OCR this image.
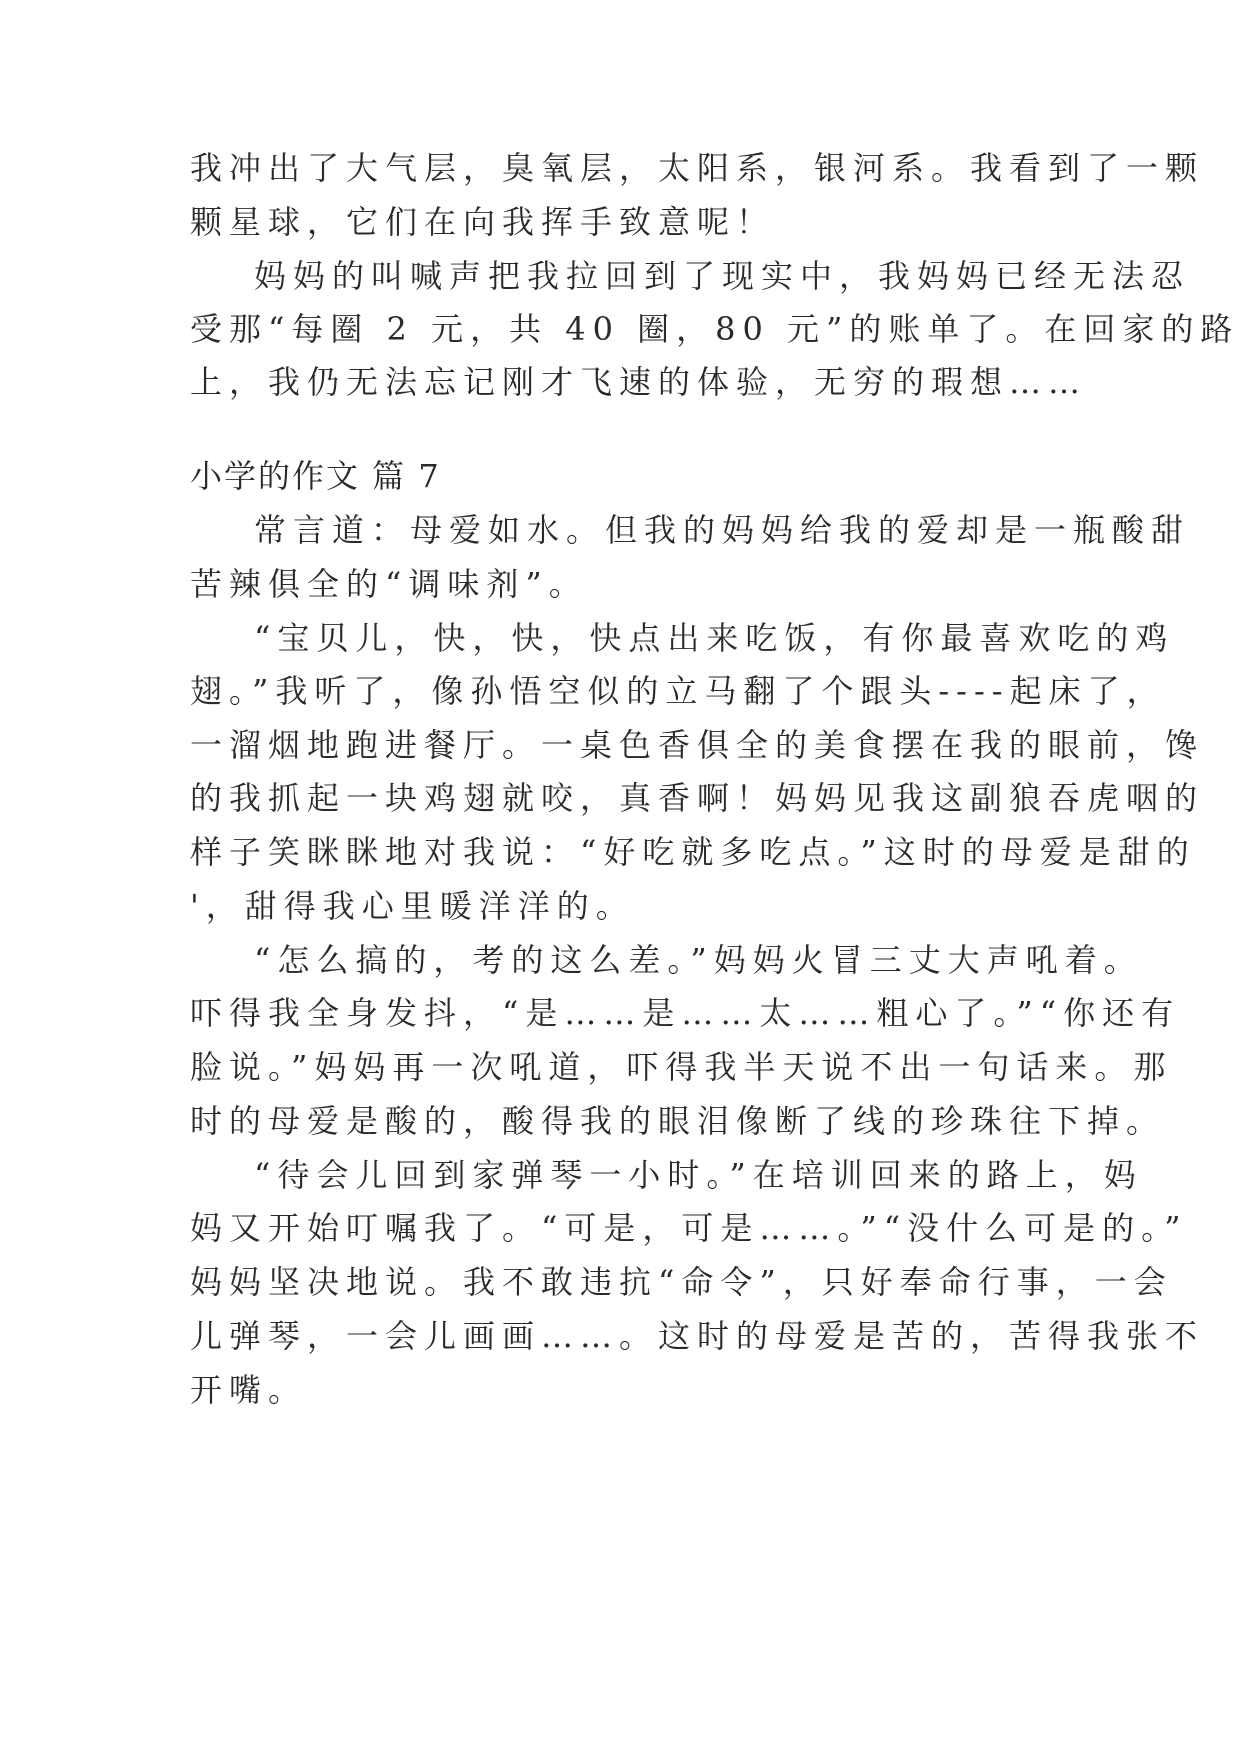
我冲出了大气层，臭氧层，太阳系，银河系。我看到了一颗
颗星球，它们在向我挥手致意呢！
妈妈的叫喊声把我拉回到了现实中，我妈妈已经无法忍
受那“每圈 2 元，共 40 圈，80 元”的账单了。在回家的路
上，我仍无法忘记刚才飞速的体验，无穷的瑕想……
小学的作文 篇 7
常言道：母爱如水。但我的妈妈给我的爱却是一瓶酸甜
苦辣俱全的“调味剂”。
“宝贝儿，快，快，快点出来吃饭，有你最喜欢吃的鸡
翅。”我听了，像孙悟空似的立马翻了个跟头----起床了，
一溜烟地跑进餐厅。一桌色香俱全的美食摆在我的眼前，馋
的我抓起一块鸡翅就咬，真香啊！妈妈见我这副狼吞虎咽的
样子笑眯眯地对我说：“好吃就多吃点。”这时的母爱是甜的
'，甜得我心里暖洋洋的。
“怎么搞的，考的这么差。”妈妈火冒三丈大声吼着。
吓得我全身发抖，“是……是……太……粗心了。”“你还有
脸说。”妈妈再一次吼道，吓得我半天说不出一句话来。那
时的母爱是酸的，酸得我的眼泪像断了线的珍珠往下掉。
“待会儿回到家弹琴一小时。”在培训回来的路上，妈
妈又开始叮嘱我了。“可是，可是……。”“没什么可是的。”
妈妈坚决地说。我不敢违抗“命令”，只好奉命行事，一会
儿弹琴，一会儿画画……。这时的母爱是苦的，苦得我张不
开嘴。
